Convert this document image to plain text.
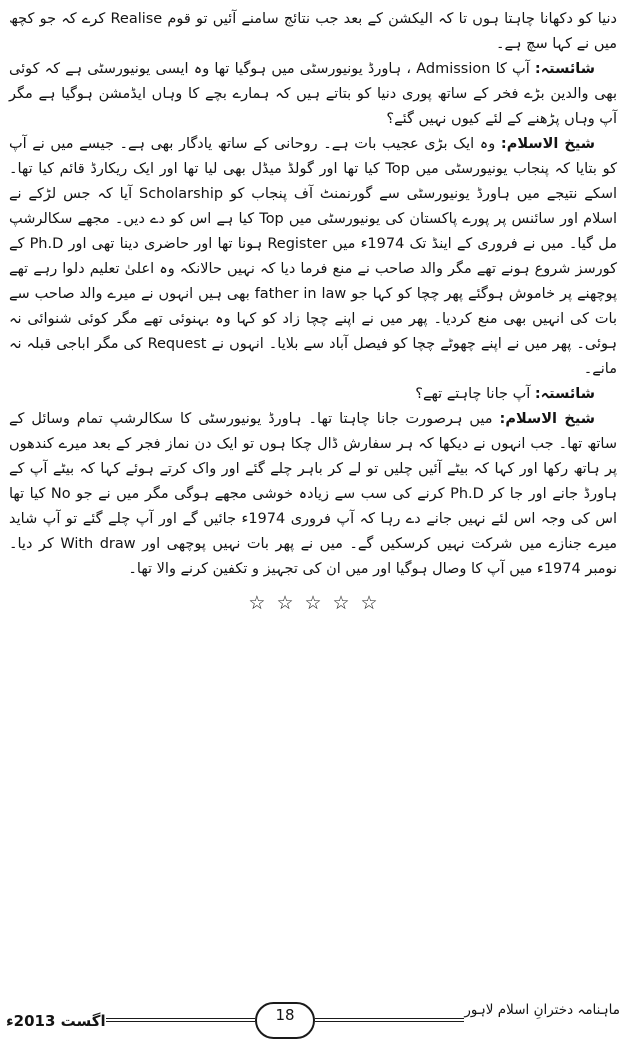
دنیا کو دکھانا چاہتا ہوں تا کہ الیکشن کے بعد جب نتائج سامنے آئیں تو قوم Realise کرے کہ جو کچھ میں نے کہا سچ ہے۔

شائستہ: آپ کا Admission ، ہاورڈ یونیورسٹی میں ہوگیا تھا وہ ایسی یونیورسٹی ہے کہ کوئی بھی والدین بڑے فخر کے ساتھ پوری دنیا کو بتاتے ہیں کہ ہمارے بچے کا وہاں ایڈمشن ہوگیا ہے مگر آپ وہاں پڑھنے کے لئے کیوں نہیں گئے؟

شیخ الاسلام: وہ ایک بڑی عجیب بات ہے۔ روحانی کے ساتھ یادگار بھی ہے۔ جیسے میں نے آپ کو بتایا کہ پنجاب یونیورسٹی میں Top کیا تھا اور گولڈ میڈل بھی لیا تھا اور ایک ریکارڈ قائم کیا تھا۔ اسکے نتیجے میں ہاورڈ یونیورسٹی سے گورنمنٹ آف پنجاب کو Scholarship آیا کہ جس لڑکے نے اسلام اور سائنس پر پورے پاکستان کی یونیورسٹی میں Top کیا ہے اس کو دے دیں۔ مجھے سکالرشپ مل گیا۔ میں نے فروری کے اینڈ تک 1974ء میں Register ہونا تھا اور حاضری دینا تھی اور Ph.D کے کورسز شروع ہونے تھے مگر والد صاحب نے منع فرما دیا کہ نہیں حالانکہ وہ اعلیٰ تعلیم دلوا رہے تھے پوچھنے پر خاموش ہوگئے پھر چچا کو کہا جو father in law بھی ہیں انہوں نے میرے والد صاحب سے بات کی انہیں بھی منع کردیا۔ پھر میں نے اپنے چچا زاد کو کہا وہ بہنوئی تھے مگر کوئی شنوائی نہ ہوئی۔ پھر میں نے اپنے چھوٹے چچا کو فیصل آباد سے بلایا۔ انہوں نے Request کی مگر اباجی قبلہ نہ مانے۔

شائستہ: آپ جانا چاہتے تھے؟

شیخ الاسلام: میں ہرصورت جانا چاہتا تھا۔ ہاورڈ یونیورسٹی کا سکالرشپ تمام وسائل کے ساتھ تھا۔ جب انہوں نے دیکھا کہ ہر سفارش ڈال چکا ہوں تو ایک دن نماز فجر کے بعد میرے کندھوں پر ہاتھ رکھا اور کہا کہ بیٹے آئیں چلیں تو لے کر باہر چلے گئے اور واک کرتے ہوئے کہا کہ بیٹے آپ کے ہاورڈ جانے اور جا کر Ph.D کرنے کی سب سے زیادہ خوشی مجھے ہوگی مگر میں نے جو No کیا تھا اس کی وجہ اس لئے نہیں جانے دے رہا کہ آپ فروری 1974ء جائیں گے اور آپ چلے گئے تو آپ شاید میرے جنازے میں شرکت نہیں کرسکیں گے۔ میں نے پھر بات نہیں پوچھی اور With draw کر دیا۔ نومبر 1974ء میں آپ کا وصال ہوگیا اور میں ان کی تجہیز و تکفین کرنے والا تھا۔

☆☆☆☆☆
اگست 2013ء	18	ماہنامہ دخترانِ اسلام لاہور
